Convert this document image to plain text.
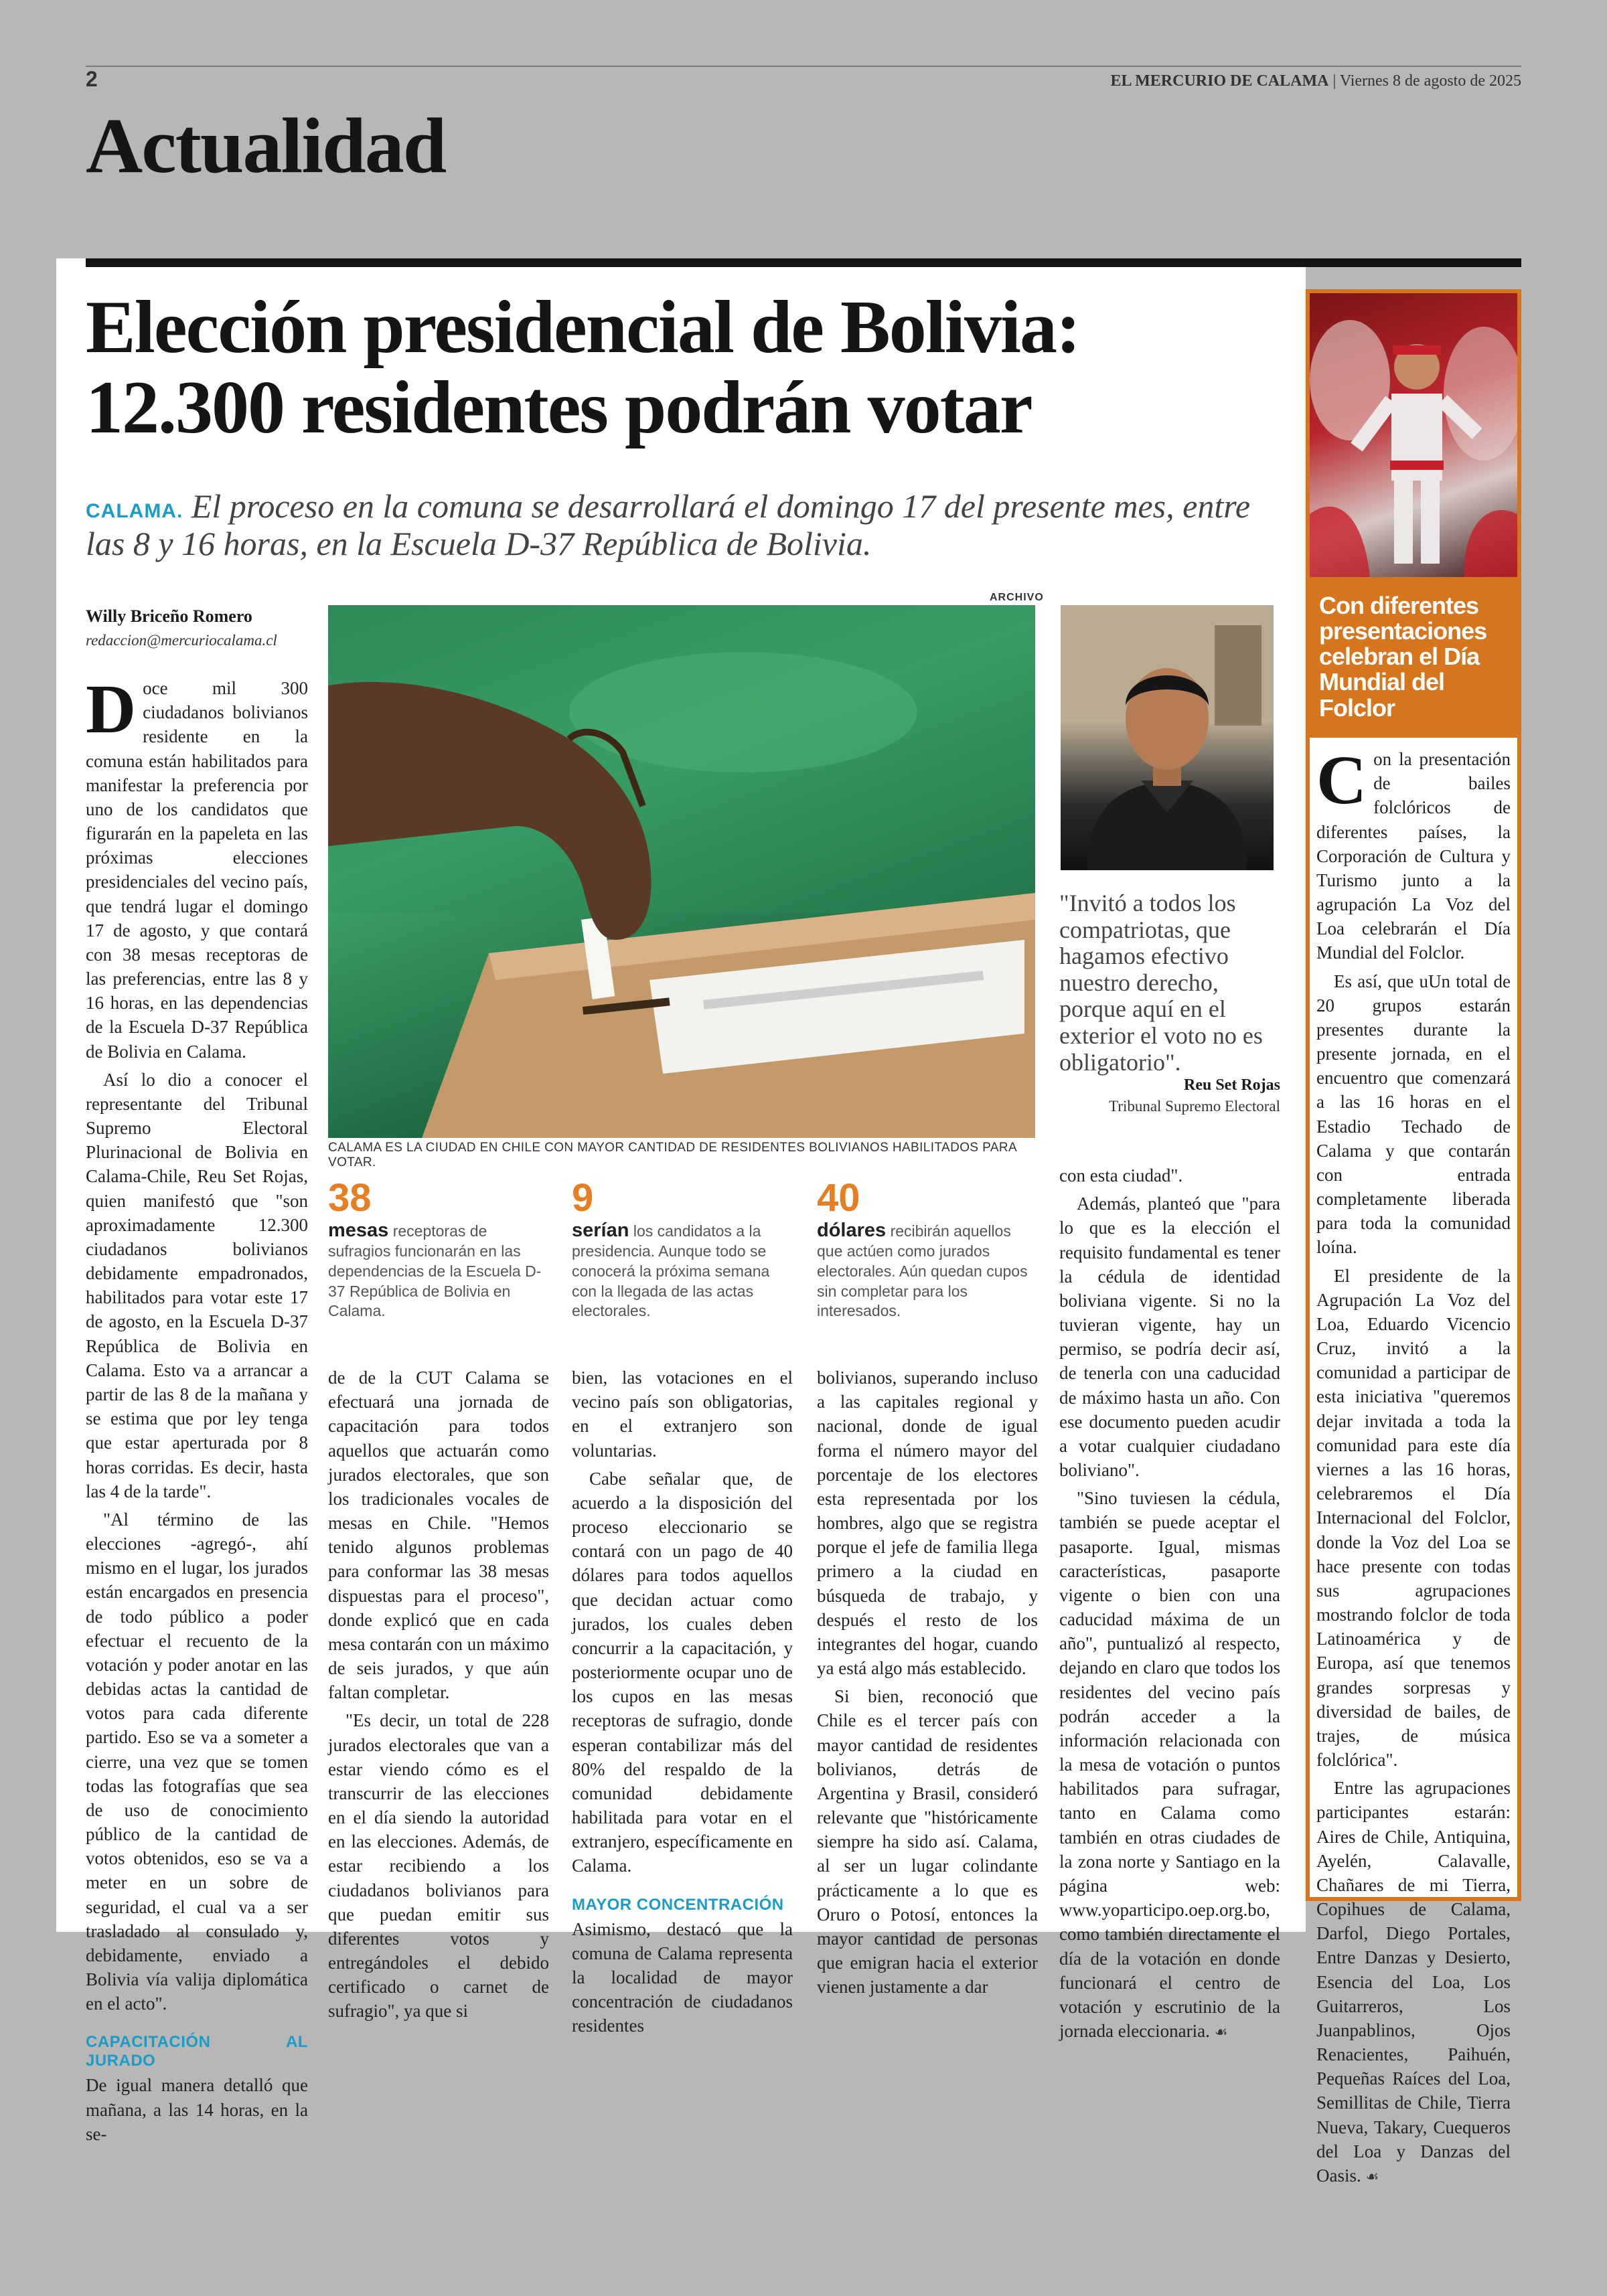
2	EL MERCURIO DE CALAMA | Viernes 8 de agosto de 2025
Actualidad
Elección presidencial de Bolivia:
12.300 residentes podrán votar
CALAMA. El proceso en la comuna se desarrollará el domingo 17 del presente mes, entre las 8 y 16 horas, en la Escuela D-37 República de Bolivia.
Willy Briceño Romero
redaccion@mercuriocalama.cl

Doce mil 300 ciudadanos bolivianos residente en la comuna están habilitados para manifestar la preferencia por uno de los candidatos que figurarán en la papeleta en las próximas elecciones presidenciales del vecino país, que tendrá lugar el domingo 17 de agosto, y que contará con 38 mesas receptoras de las preferencias, entre las 8 y 16 horas, en las dependencias de la Escuela D-37 República de Bolivia en Calama.

Así lo dio a conocer el representante del Tribunal Supremo Electoral Plurinacional de Bolivia en Calama-Chile, Reu Set Rojas, quien manifestó que "son aproximadamente 12.300 ciudadanos bolivianos debidamente empadronados, habilitados para votar este 17 de agosto, en la Escuela D-37 República de Bolivia en Calama. Esto va a arrancar a partir de las 8 de la mañana y se estima que por ley tenga que estar aperturada por 8 horas corridas. Es decir, hasta las 4 de la tarde".

"Al término de las elecciones -agregó-, ahí mismo en el lugar, los jurados están encargados en presencia de todo público a poder efectuar el recuento de la votación y poder anotar en las debidas actas la cantidad de votos para cada diferente partido. Eso se va a someter a cierre, una vez que se tomen todas las fotografías que sea de uso de conocimiento público de la cantidad de votos obtenidos, eso se va a meter en un sobre de seguridad, el cual va a ser trasladado al consulado y, debidamente, enviado a Bolivia vía valija diplomática en el acto".

CAPACITACIÓN AL JURADO

De igual manera detalló que mañana, a las 14 horas, en la se-

ARCHIVO
CALAMA ES LA CIUDAD EN CHILE CON MAYOR CANTIDAD DE RESIDENTES BOLIVIANOS HABILITADOS PARA VOTAR.
38
mesas receptoras de sufragios funcionarán en las dependencias de la Escuela D-37 República de Bolivia en Calama.
9
serían los candidatos a la presidencia. Aunque todo se conocerá la próxima semana con la llegada de las actas electorales.
40
dólares recibirán aquellos que actúen como jurados electorales. Aún quedan cupos sin completar para los interesados.

de de la CUT Calama se efectuará una jornada de capacitación para todos aquellos que actuarán como jurados electorales, que son los tradicionales vocales de mesas en Chile. "Hemos tenido algunos problemas para conformar las 38 mesas dispuestas para el proceso", donde explicó que en cada mesa contarán con un máximo de seis jurados, y que aún faltan completar.

"Es decir, un total de 228 jurados electorales que van a estar viendo cómo es el transcurrir de las elecciones en el día siendo la autoridad en las elecciones. Además, de estar recibiendo a los ciudadanos bolivianos para que puedan emitir sus diferentes votos y entregándoles el debido certificado o carnet de sufragio", ya que si

bien, las votaciones en el vecino país son obligatorias, en el extranjero son voluntarias.

Cabe señalar que, de acuerdo a la disposición del proceso eleccionario se contará con un pago de 40 dólares para todos aquellos que decidan actuar como jurados, los cuales deben concurrir a la capacitación, y posteriormente ocupar uno de los cupos en las mesas receptoras de sufragio, donde esperan contabilizar más del 80% del respaldo de la comunidad debidamente habilitada para votar en el extranjero, específicamente en Calama.

MAYOR CONCENTRACIÓN

Asimismo, destacó que la comuna de Calama representa la localidad de mayor concentración de ciudadanos residentes

bolivianos, superando incluso a las capitales regional y nacional, donde de igual forma el número mayor del porcentaje de los electores esta representada por los hombres, algo que se registra porque el jefe de familia llega primero a la ciudad en búsqueda de trabajo, y después el resto de los integrantes del hogar, cuando ya está algo más establecido.

Si bien, reconoció que Chile es el tercer país con mayor cantidad de residentes bolivianos, detrás de Argentina y Brasil, consideró relevante que "históricamente siempre ha sido así. Calama, al ser un lugar colindante prácticamente a lo que es Oruro o Potosí, entonces la mayor cantidad de personas que emigran hacia el exterior vienen justamente a dar

"Invitó a todos los compatriotas, que hagamos efectivo nuestro derecho, porque aquí en el exterior el voto no es obligatorio".
Reu Set Rojas
Tribunal Supremo Electoral

con esta ciudad".

Además, planteó que "para lo que es la elección el requisito fundamental es tener la cédula de identidad boliviana vigente. Si no la tuvieran vigente, hay un permiso, se podría decir así, de tenerla con una caducidad de máximo hasta un año. Con ese documento pueden acudir a votar cualquier ciudadano boliviano".

"Sino tuviesen la cédula, también se puede aceptar el pasaporte. Igual, mismas características, pasaporte vigente o bien con una caducidad máxima de un año", puntualizó al respecto, dejando en claro que todos los residentes del vecino país podrán acceder a la información relacionada con la mesa de votación o puntos habilitados para sufragar, tanto en Calama como también en otras ciudades de la zona norte y Santiago en la página web: www.yoparticipo.oep.org.bo, como también directamente el día de la votación en donde funcionará el centro de votación y escrutinio de la jornada eleccionaria. ☙

Con diferentes presentaciones celebran el Día Mundial del Folclor

Con la presentación de bailes folclóricos de diferentes países, la Corporación de Cultura y Turismo junto a la agrupación La Voz del Loa celebrarán el Día Mundial del Folclor.

Es así, que uUn total de 20 grupos estarán presentes durante la presente jornada, en el encuentro que comenzará a las 16 horas en el Estadio Techado de Calama y que contarán con entrada completamente liberada para toda la comunidad loína.

El presidente de la Agrupación La Voz del Loa, Eduardo Vicencio Cruz, invitó a la comunidad a participar de esta iniciativa "queremos dejar invitada a toda la comunidad para este día viernes a las 16 horas, celebraremos el Día Internacional del Folclor, donde la Voz del Loa se hace presente con todas sus agrupaciones mostrando folclor de toda Latinoamérica y de Europa, así que tenemos grandes sorpresas y diversidad de bailes, de trajes, de música folclórica".

Entre las agrupaciones participantes estarán: Aires de Chile, Antiquina, Ayelén, Calavalle, Chañares de mi Tierra, Copihues de Calama, Darfol, Diego Portales, Entre Danzas y Desierto, Esencia del Loa, Los Guitarreros, Los Juanpablinos, Ojos Renacientes, Paihuén, Pequeñas Raíces del Loa, Semillitas de Chile, Tierra Nueva, Takary, Cuequeros del Loa y Danzas del Oasis. ☙
